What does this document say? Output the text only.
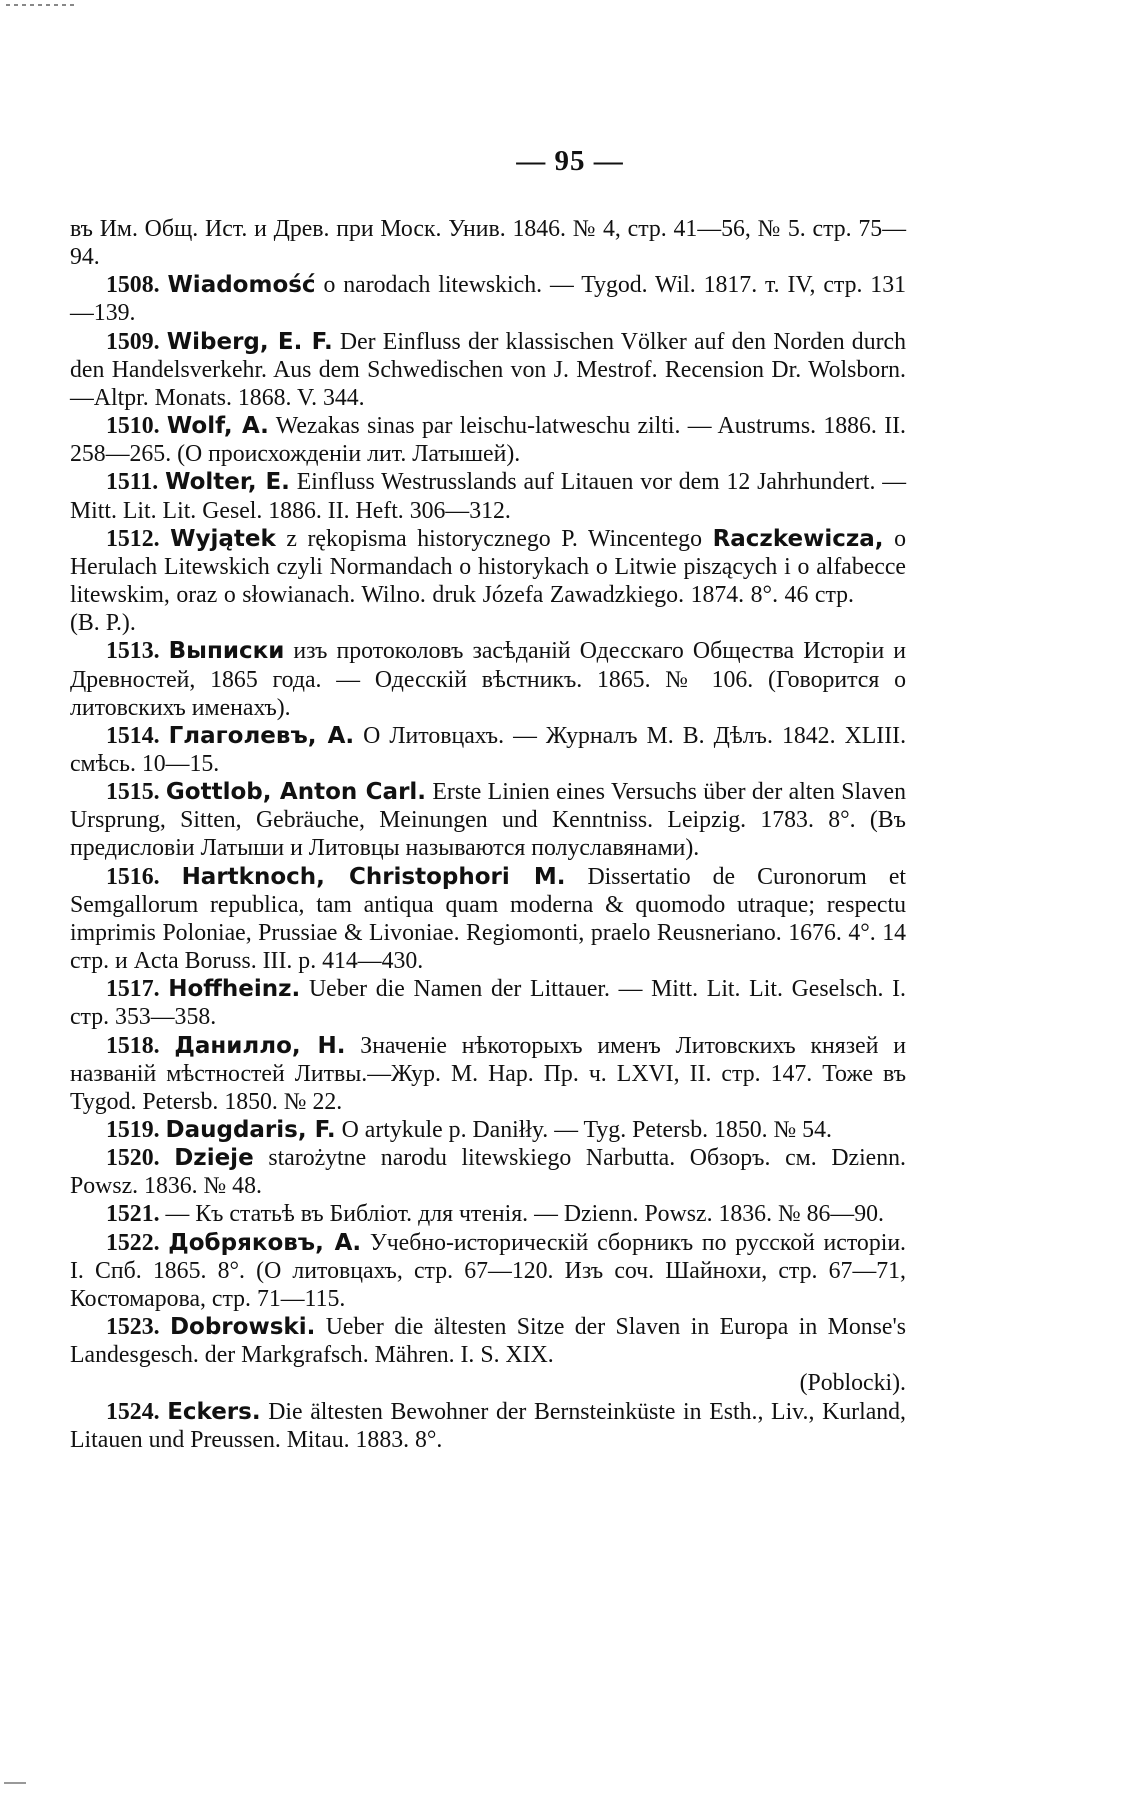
— 95 —

въ Им. Общ. Ист. и Древ. при Моск. Унив. 1846. № 4, стр. 41—56, № 5. стр. 75—94.

1508. Wiadomość o narodach litewskich. — Tygod. Wil. 1817. т. IV, стр. 131—139.

1509. Wiberg, E. F. Der Einfluss der klassischen Völker auf den Norden durch den Handelsverkehr. Aus dem Schwedischen von J. Mestrof. Recension Dr. Wolsborn.—Altpr. Monats. 1868. V. 344.

1510. Wolf, A. Wezakas sinas par leischu-latweschu zilti. — Austrums. 1886. II. 258—265. (О происхожденіи лит. Латышей).

1511. Wolter, E. Einfluss Westrusslands auf Litauen vor dem 12 Jahrhundert. — Mitt. Lit. Lit. Gesel. 1886. II. Heft. 306—312.

1512. Wyjątek z rękopisma historycznego P. Wincentego Raczkewicza, o Herulach Litewskich czyli Normandach o historykach o Litwie piszących i o alfabecce litewskim, oraz o słowianach. Wilno. druk Józefa Zawadzkiego. 1874. 8°. 46 стр.(В. Р.).

1513. Выписки изъ протоколовъ засѣданій Одесскаго Общества Исторіи и Древностей, 1865 года. — Одесскій вѣстникъ. 1865. № 106. (Говорится о литовскихъ именахъ).

1514. Глаголевъ, А. О Литовцахъ. — Журналъ М. В. Дѣлъ. 1842. XLIII. смѣсь. 10—15.

1515. Gottlob, Anton Carl. Erste Linien eines Versuchs über der alten Slaven Ursprung, Sitten, Gebräuche, Meinungen und Kenntniss. Leipzig. 1783. 8°. (Въ предисловіи Латыши и Литовцы называются полуславянами).

1516. Hartknoch, Christophori M. Dissertatio de Curonorum et Semgallorum republica, tam antiqua quam moderna & quomodo utraque; respectu imprimis Poloniae, Prussiae & Livoniae. Regiomonti, praelo Reusneriano. 1676. 4°. 14 стр. и Acta Boruss. III. p. 414—430.

1517. Hoffheinz. Ueber die Namen der Littauer. — Mitt. Lit. Lit. Geselsch. I. стр. 353—358.

1518. Данилло, Н. Значеніе нѣкоторыхъ именъ Литовскихъ князей и названій мѣстностей Литвы.—Жур. М. Нар. Пр. ч. LXVI, II. стр. 147. Тоже въ Tygod. Petersb. 1850. № 22.

1519. Daugdaris, F. O artykule p. Daniłły. — Tyg. Petersb. 1850. № 54.

1520. Dzieje starożytne narodu litewskiego Narbutta. Обзоръ. см. Dzienn. Powsz. 1836. № 48.

1521. — Къ статьѣ въ Библіот. для чтенія. — Dzienn. Powsz. 1836. № 86—90.

1522. Добряковъ, А. Учебно-историческій сборникъ по русской исторіи. I. Спб. 1865. 8°. (О литовцахъ, стр. 67—120. Изъ соч. Шайнохи, стр. 67—71, Костомарова, стр. 71—115.

1523. Dobrowski. Ueber die ältesten Sitze der Slaven in Europa in Monse's Landesgesch. der Markgrafsch. Mähren. I. S. XIX.

(Poblocki).

1524. Eckers. Die ältesten Bewohner der Bernsteinküste in Esth., Liv., Kurland, Litauen und Preussen. Mitau. 1883. 8°.
